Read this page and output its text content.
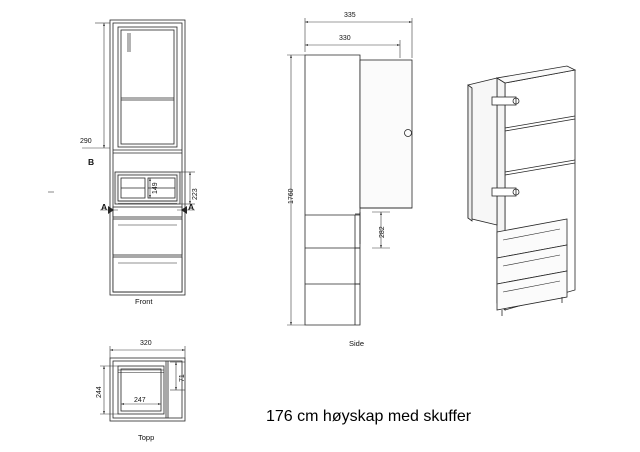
290
B
A	A
149
223
Front
335
330
1760
282
Side
320
247
244
71
Topp
176 cm høyskap med skuffer
